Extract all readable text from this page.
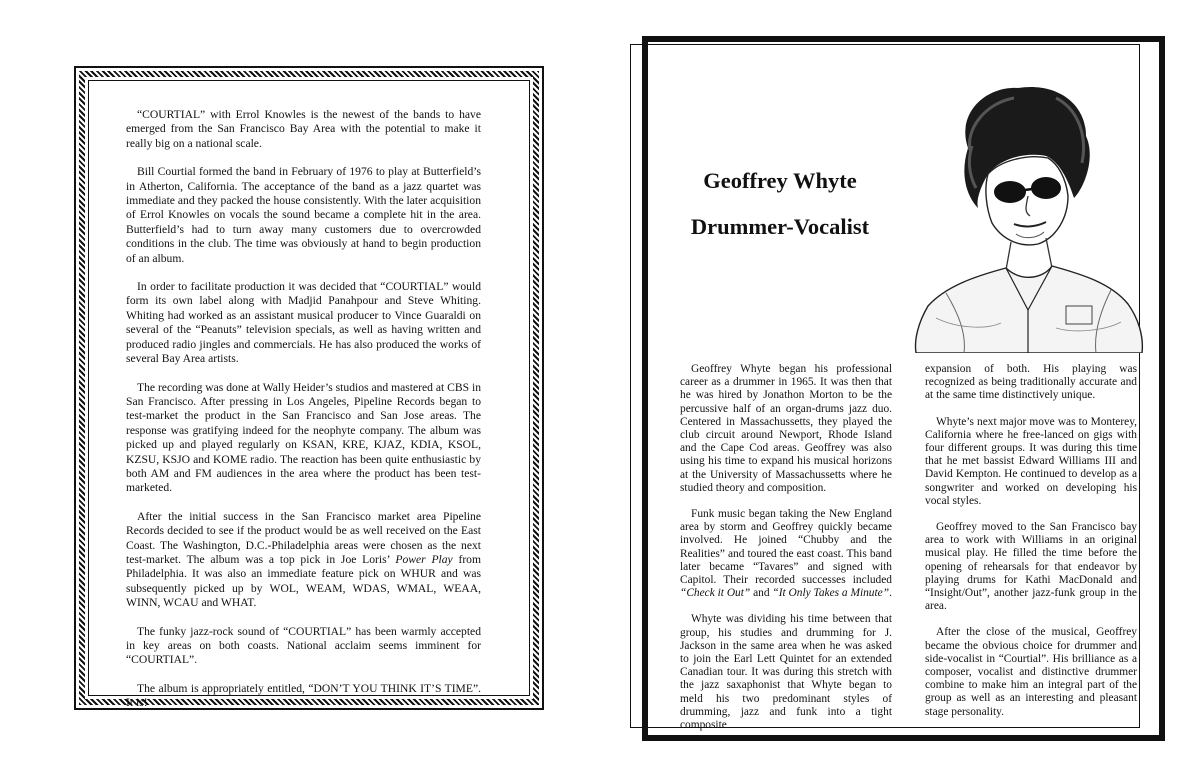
“COURTIAL” with Errol Knowles is the newest of the bands to have emerged from the San Francisco Bay Area with the potential to make it really big on a national scale.

Bill Courtial formed the band in February of 1976 to play at Butterfield’s in Atherton, California. The acceptance of the band as a jazz quartet was immediate and they packed the house consistently. With the later acquisition of Errol Knowles on vocals the sound became a complete hit in the area. Butterfield’s had to turn away many customers due to overcrowded conditions in the club. The time was obviously at hand to begin production of an album.

In order to facilitate production it was decided that “COURTIAL” would form its own label along with Madjid Panahpour and Steve Whiting. Whiting had worked as an assistant musical producer to Vince Guaraldi on several of the “Peanuts” television specials, as well as having written and produced radio jingles and commercials. He has also produced the works of several Bay Area artists.

The recording was done at Wally Heider’s studios and mastered at CBS in San Francisco. After pressing in Los Angeles, Pipeline Records began to test-market the product in the San Francisco and San Jose areas. The response was gratifying indeed for the neophyte company. The album was picked up and played regularly on KSAN, KRE, KJAZ, KDIA, KSOL, KZSU, KSJO and KOME radio. The reaction has been quite enthusiastic by both AM and FM audiences in the area where the product has been test-marketed.

After the initial success in the San Francisco market area Pipeline Records decided to see if the product would be as well received on the East Coast. The Washington, D.C.-Philadelphia areas were chosen as the next test-market. The album was a top pick in Joe Loris’ Power Play from Philadelphia. It was also an immediate feature pick on WHUR and was subsequently picked up by WOL, WEAM, WDAS, WMAL, WEAA, WINN, WCAU and WHAT.

The funky jazz-rock sound of “COURTIAL” has been warmly accepted in key areas on both coasts. National acclaim seems imminent for “COURTIAL”.

The album is appropriately entitled, “DON’T YOU THINK IT’S TIME”. It is!

Geoffrey Whyte
Drummer-Vocalist

Geoffrey Whyte began his professional career as a drummer in 1965. It was then that he was hired by Jonathon Morton to be the percussive half of an organ-drums jazz duo. Centered in Massachussetts, they played the club circuit around Newport, Rhode Island and the Cape Cod areas. Geoffrey was also using his time to expand his musical horizons at the University of Massachussetts where he studied theory and composition.

Funk music began taking the New England area by storm and Geoffrey quickly became involved. He joined “Chubby and the Realities” and toured the east coast. This band later became “Tavares” and signed with Capitol. Their recorded successes included “Check it Out” and “It Only Takes a Minute”.

Whyte was dividing his time between that group, his studies and drumming for J. Jackson in the same area when he was asked to join the Earl Lett Quintet for an extended Canadian tour. It was during this stretch with the jazz saxaphonist that Whyte began to meld his two predominant styles of drumming, jazz and funk into a tight composite

expansion of both. His playing was recognized as being traditionally accurate and at the same time distinctively unique.

Whyte’s next major move was to Monterey, California where he free-lanced on gigs with four different groups. It was during this time that he met bassist Edward Williams III and David Kempton. He continued to develop as a songwriter and worked on developing his vocal styles.

Geoffrey moved to the San Francisco bay area to work with Williams in an original musical play. He filled the time before the opening of rehearsals for that endeavor by playing drums for Kathi MacDonald and “Insight/Out”, another jazz-funk group in the area.

After the close of the musical, Geoffrey became the obvious choice for drummer and side-vocalist in “Courtial”. His brilliance as a composer, vocalist and distinctive drummer combine to make him an integral part of the group as well as an interesting and pleasant stage personality.
